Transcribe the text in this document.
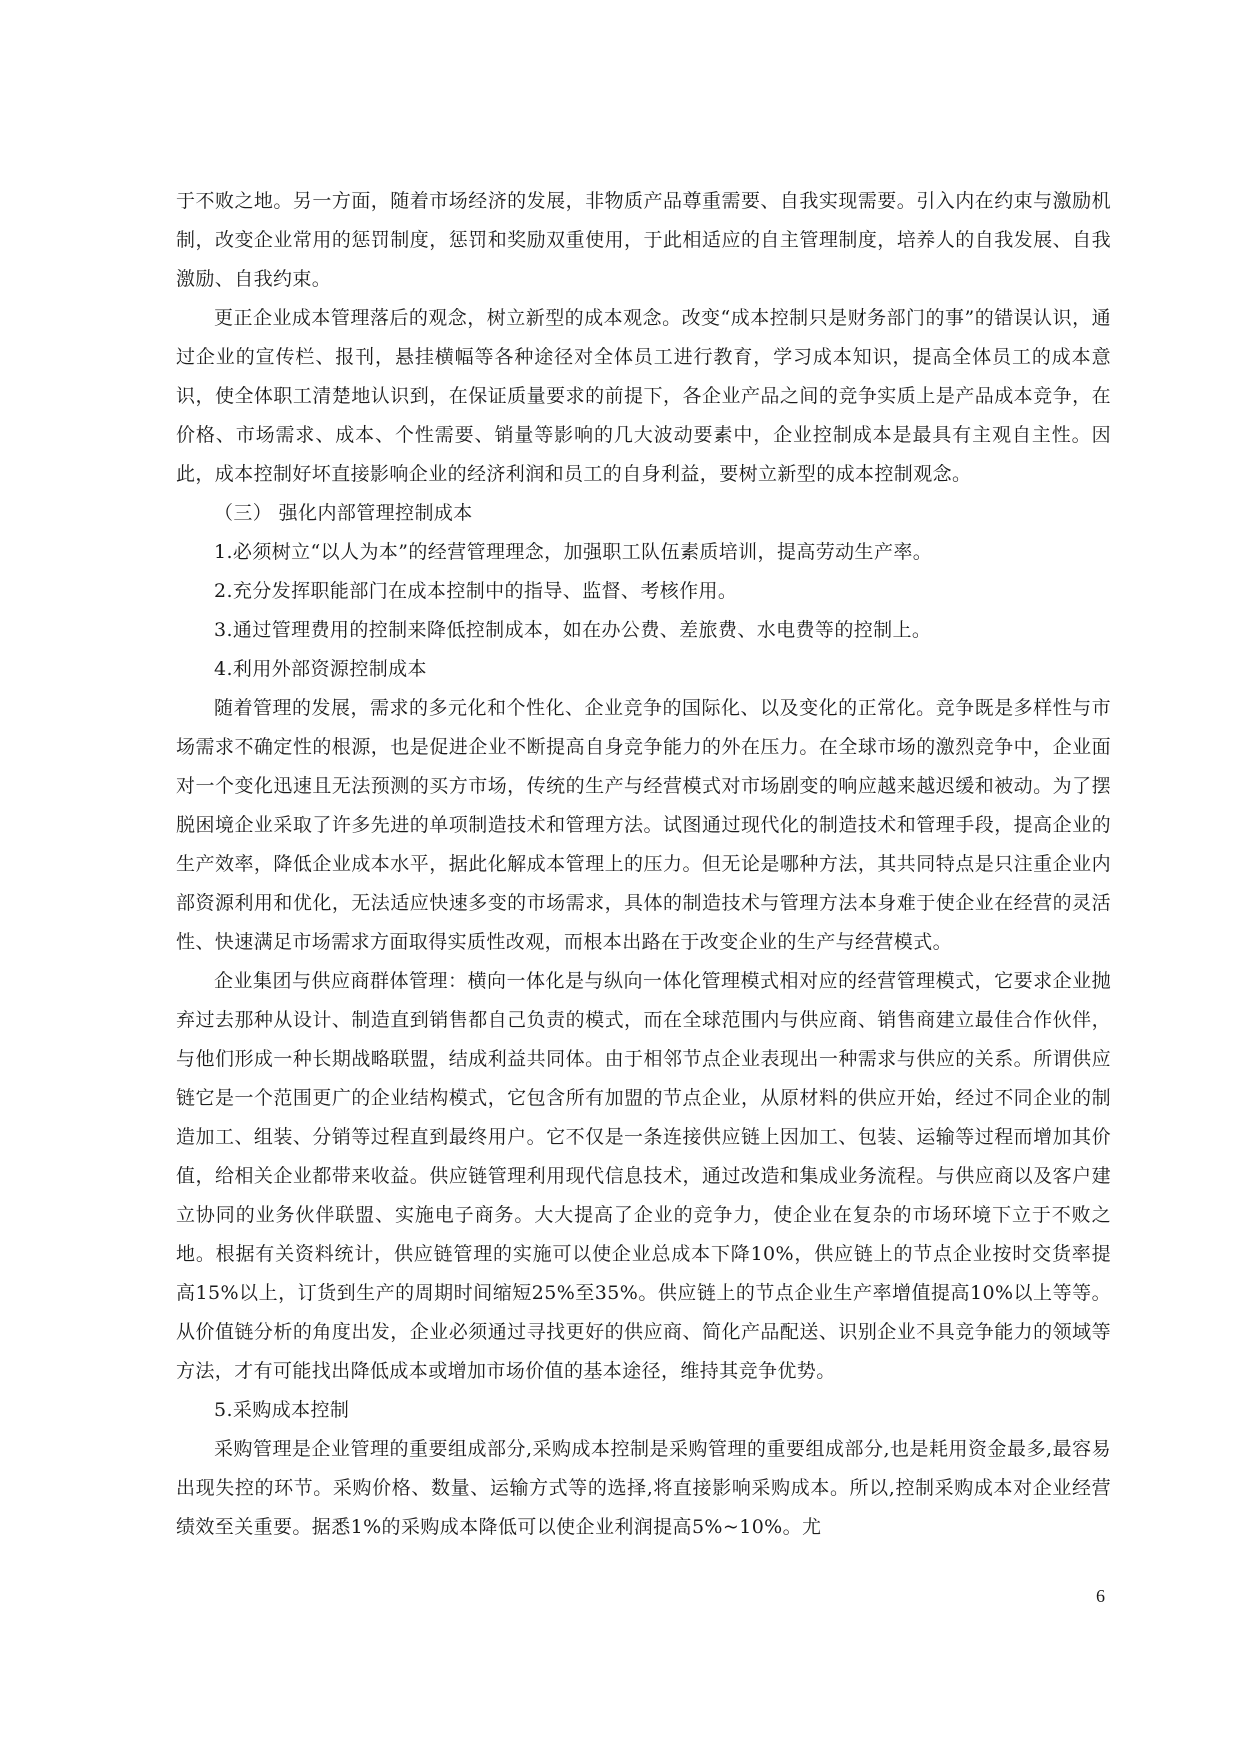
于不败之地。另一方面，随着市场经济的发展，非物质产品尊重需要、自我实现需要。引入内在约束与激励机制，改变企业常用的惩罚制度，惩罚和奖励双重使用，于此相适应的自主管理制度，培养人的自我发展、自我激励、自我约束。

更正企业成本管理落后的观念，树立新型的成本观念。改变“成本控制只是财务部门的事”的错误认识，通过企业的宣传栏、报刊，悬挂横幅等各种途径对全体员工进行教育，学习成本知识，提高全体员工的成本意识，使全体职工清楚地认识到，在保证质量要求的前提下，各企业产品之间的竞争实质上是产品成本竞争，在价格、市场需求、成本、个性需要、销量等影响的几大波动要素中，企业控制成本是最具有主观自主性。因此，成本控制好坏直接影响企业的经济利润和员工的自身利益，要树立新型的成本控制观念。

（三） 强化内部管理控制成本

1.必须树立“以人为本”的经营管理理念，加强职工队伍素质培训，提高劳动生产率。

2.充分发挥职能部门在成本控制中的指导、监督、考核作用。

3.通过管理费用的控制来降低控制成本，如在办公费、差旅费、水电费等的控制上。

4.利用外部资源控制成本

随着管理的发展，需求的多元化和个性化、企业竞争的国际化、以及变化的正常化。竞争既是多样性与市场需求不确定性的根源，也是促进企业不断提高自身竞争能力的外在压力。在全球市场的激烈竞争中，企业面对一个变化迅速且无法预测的买方市场，传统的生产与经营模式对市场剧变的响应越来越迟缓和被动。为了摆脱困境企业采取了许多先进的单项制造技术和管理方法。试图通过现代化的制造技术和管理手段，提高企业的生产效率，降低企业成本水平，据此化解成本管理上的压力。但无论是哪种方法，其共同特点是只注重企业内部资源利用和优化，无法适应快速多变的市场需求，具体的制造技术与管理方法本身难于使企业在经营的灵活性、快速满足市场需求方面取得实质性改观，而根本出路在于改变企业的生产与经营模式。

企业集团与供应商群体管理：横向一体化是与纵向一体化管理模式相对应的经营管理模式，它要求企业抛弃过去那种从设计、制造直到销售都自己负责的模式，而在全球范围内与供应商、销售商建立最佳合作伙伴，与他们形成一种长期战略联盟，结成利益共同体。由于相邻节点企业表现出一种需求与供应的关系。所谓供应链它是一个范围更广的企业结构模式，它包含所有加盟的节点企业，从原材料的供应开始，经过不同企业的制造加工、组装、分销等过程直到最终用户。它不仅是一条连接供应链上因加工、包装、运输等过程而增加其价值，给相关企业都带来收益。供应链管理利用现代信息技术，通过改造和集成业务流程。与供应商以及客户建立协同的业务伙伴联盟、实施电子商务。大大提高了企业的竞争力，使企业在复杂的市场环境下立于不败之地。根据有关资料统计，供应链管理的实施可以使企业总成本下降10%，供应链上的节点企业按时交货率提高15%以上，订货到生产的周期时间缩短25%至35%。供应链上的节点企业生产率增值提高10%以上等等。从价值链分析的角度出发，企业必须通过寻找更好的供应商、简化产品配送、识别企业不具竞争能力的领域等方法，才有可能找出降低成本或增加市场价值的基本途径，维持其竞争优势。

5.采购成本控制

采购管理是企业管理的重要组成部分,采购成本控制是采购管理的重要组成部分,也是耗用资金最多,最容易出现失控的环节。采购价格、数量、运输方式等的选择,将直接影响采购成本。所以,控制采购成本对企业经营绩效至关重要。据悉1%的采购成本降低可以使企业利润提高5%~10%。尤

6
